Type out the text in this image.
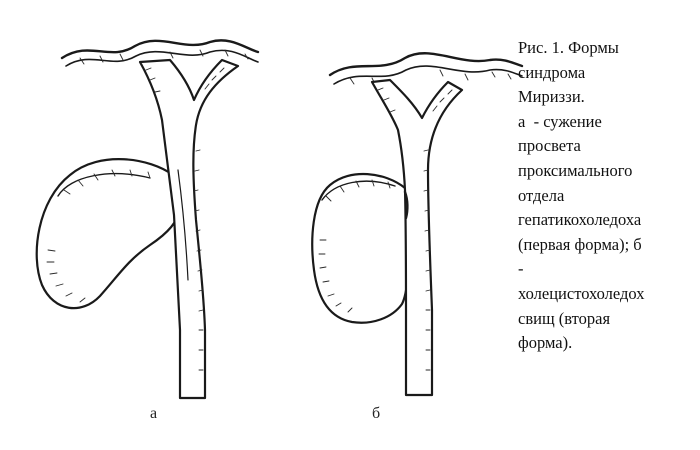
а	б
Рис. 1. Формы
синдрома
Мириззи.
а  - сужение
просвета
проксимального
отдела
гепатикохоледоха
(первая форма); б
-
холецистохоледох
свищ (вторая
форма).
